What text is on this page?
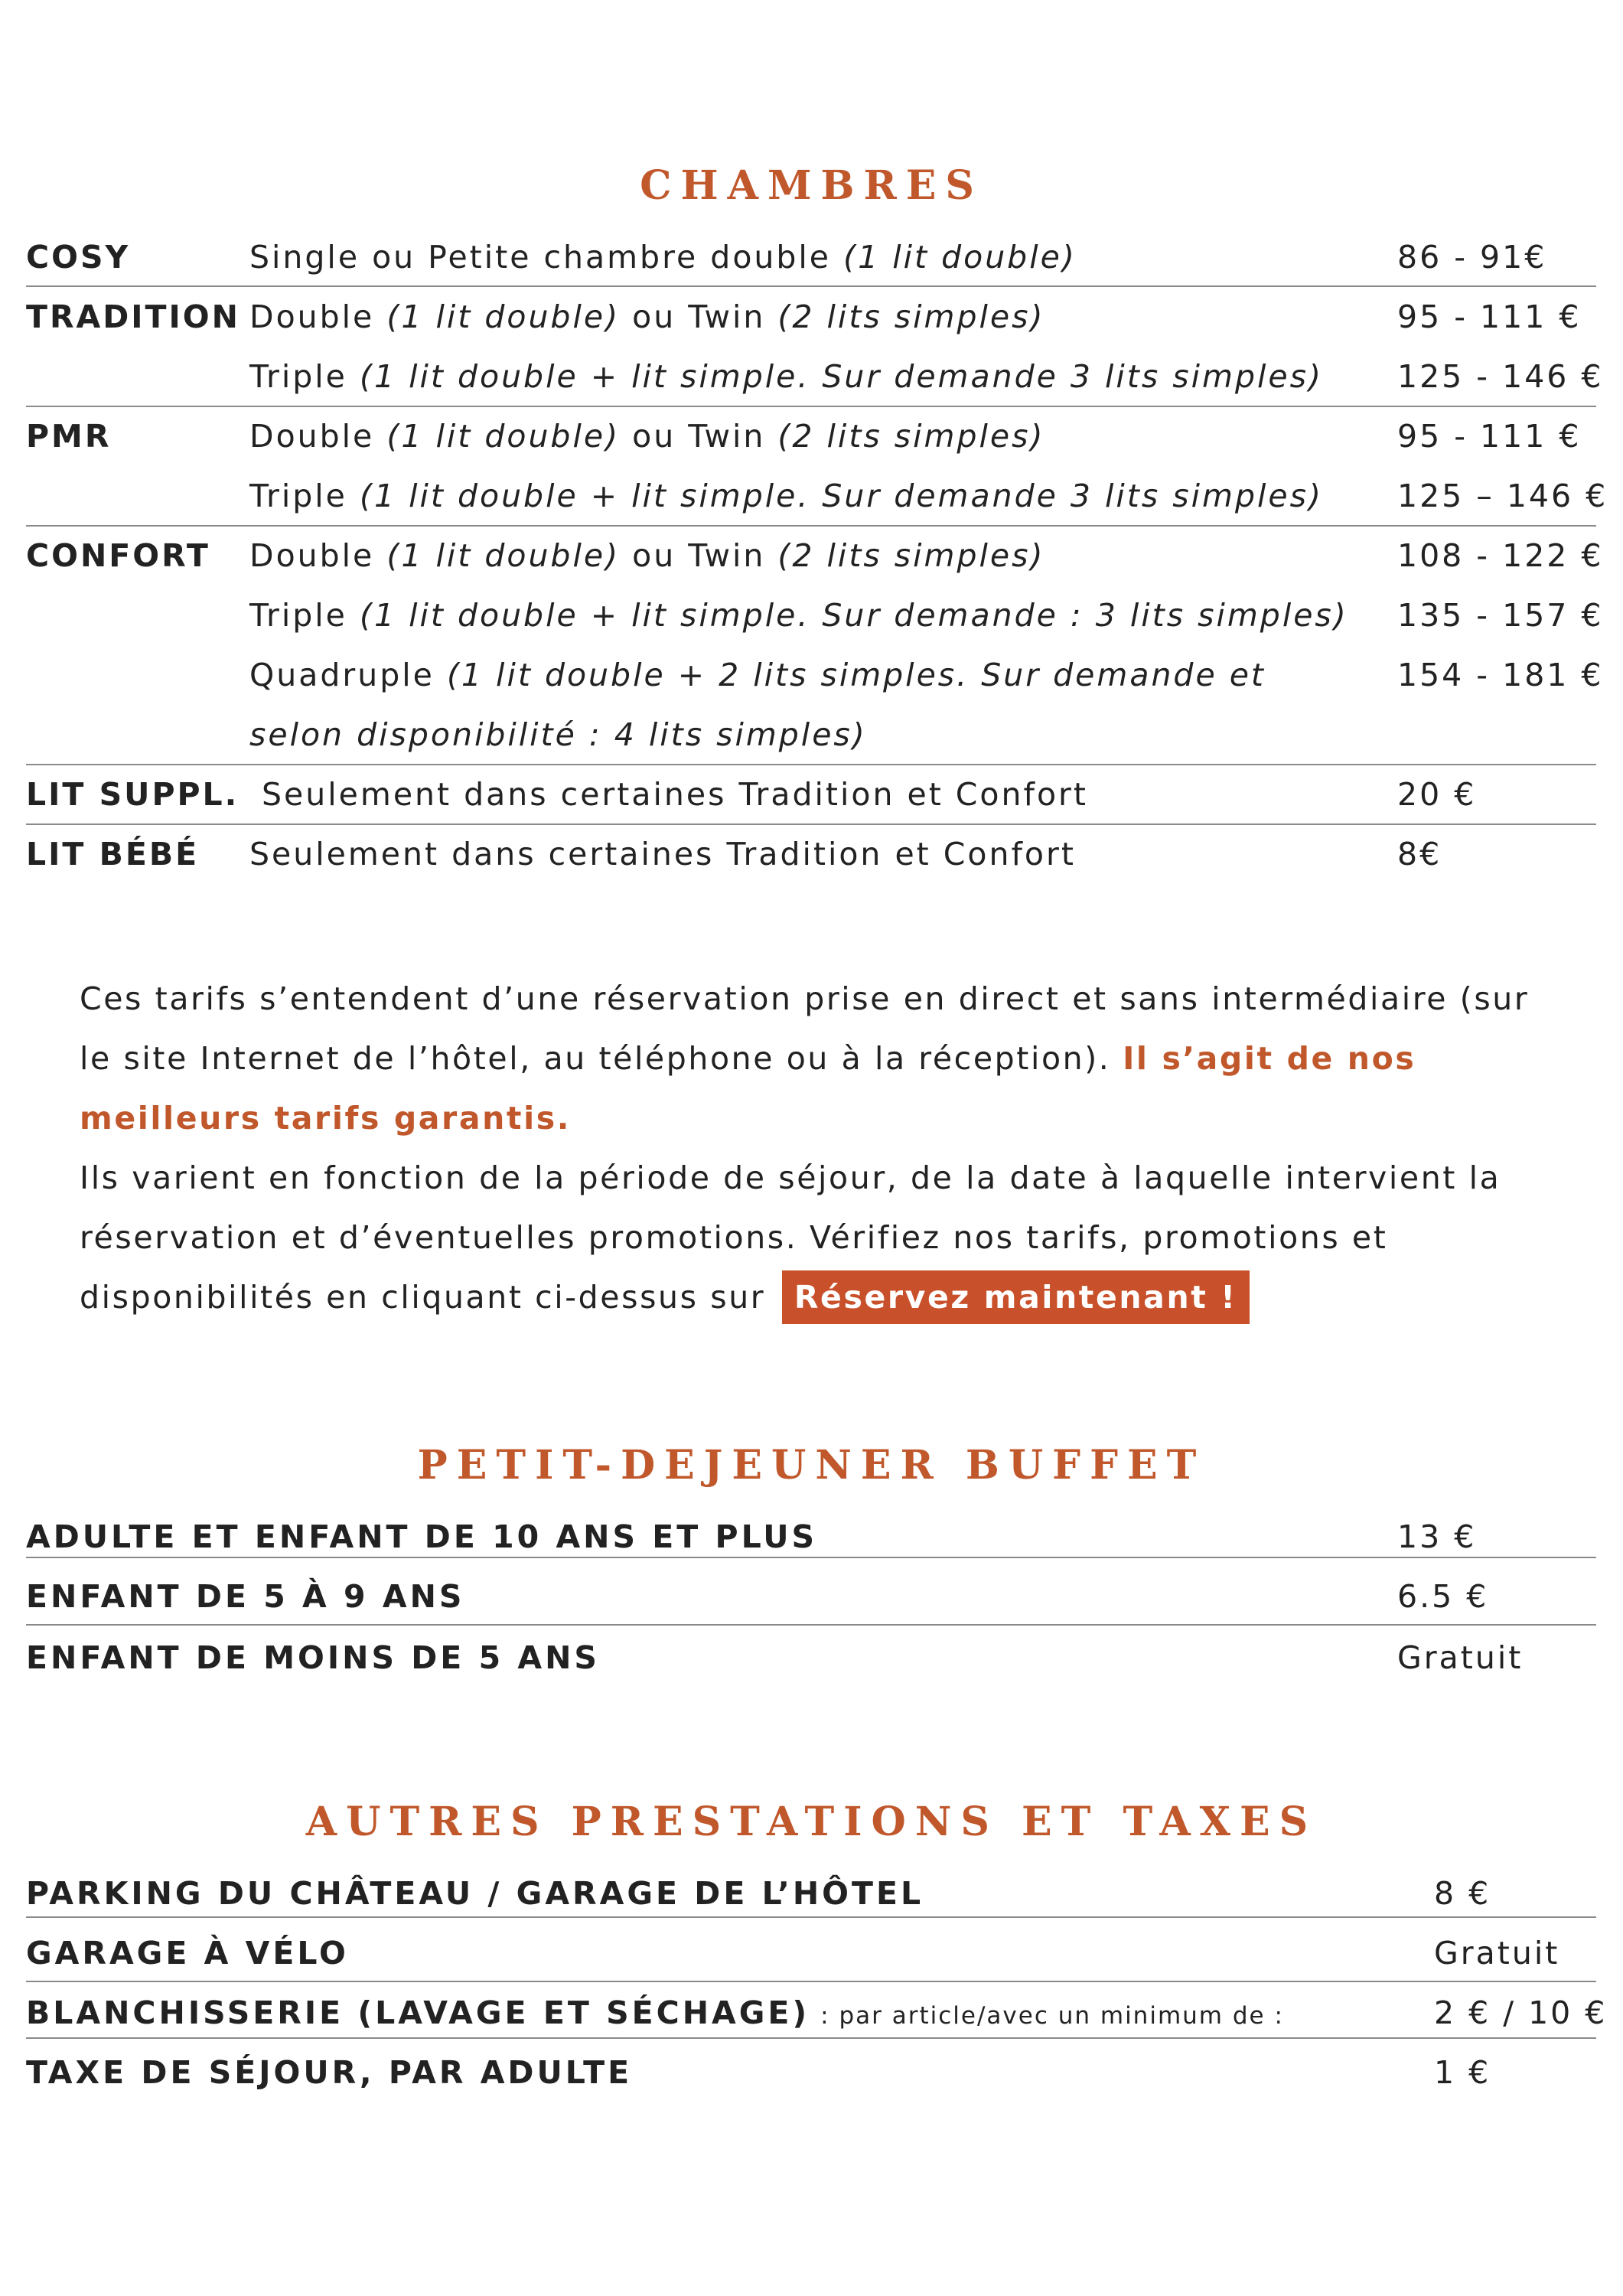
CHAMBRES
COSY	Single ou Petite chambre double (1 lit double)	86 - 91€
TRADITION Double (1 lit double) ou Twin (2 lits simples)	95 - 111 €
Triple (1 lit double + lit simple. Sur demande 3 lits simples) 125 - 146 €
PMR	Double (1 lit double) ou Twin (2 lits simples)	95 - 111 €
Triple (1 lit double + lit simple. Sur demande 3 lits simples) 125 – 146 €
CONFORT Double (1 lit double) ou Twin (2 lits simples)	108 - 122 €
Triple (1 lit double + lit simple. Sur demande : 3 lits simples) 135 - 157 €
Quadruple (1 lit double + 2 lits simples. Sur demande et	154 - 181 €
selon disponibilité : 4 lits simples)
LIT SUPPL. Seulement dans certaines Tradition et Confort	20 €
LIT BÉBÉ Seulement dans certaines Tradition et Confort	8€
Ces tarifs s’entendent d’une réservation prise en direct et sans intermédiaire (sur le site Internet de l’hôtel, au téléphone ou à la réception). Il s’agit de nos meilleurs tarifs garantis.
Ils varient en fonction de la période de séjour, de la date à laquelle intervient la réservation et d’éventuelles promotions. Vérifiez nos tarifs, promotions et disponibilités en cliquant ci-dessus sur Réservez maintenant !
PETIT-DEJEUNER BUFFET
ADULTE ET ENFANT DE 10 ANS ET PLUS	13 €
ENFANT DE 5 À 9 ANS	6.5 €
ENFANT DE MOINS DE 5 ANS	Gratuit
AUTRES PRESTATIONS ET TAXES
PARKING DU CHÂTEAU / GARAGE DE L’HÔTEL	8 €
GARAGE À VÉLO	Gratuit
BLANCHISSERIE (LAVAGE ET SÉCHAGE) : par article/avec un minimum de :	2 € / 10 €
TAXE DE SÉJOUR, PAR ADULTE	1 €
